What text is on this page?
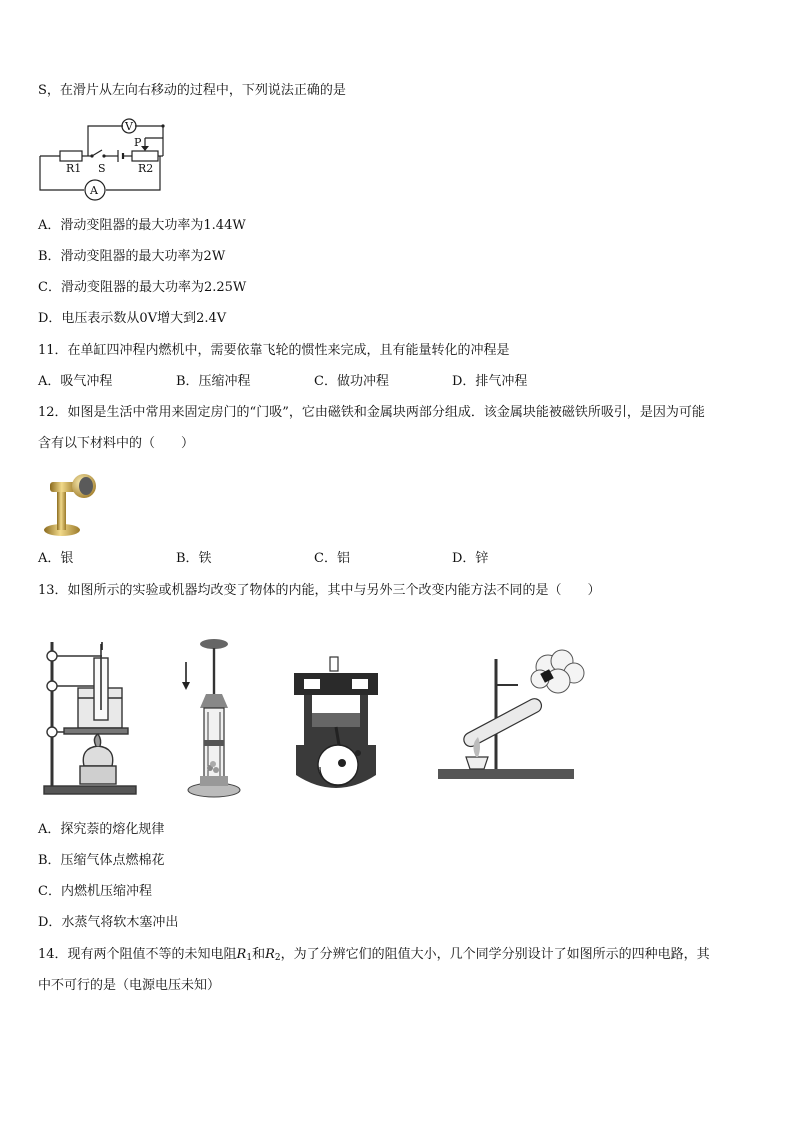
S，在滑片从左向右移动的过程中，下列说法正确的是
V
A
P
R1	R2
S
A．滑动变阻器的最大功率为1.44W
B．滑动变阻器的最大功率为2W
C．滑动变阻器的最大功率为2.25W
D．电压表示数从0V增大到2.4V
11．在单缸四冲程内燃机中，需要依靠飞轮的惯性来完成，且有能量转化的冲程是
A．吸气冲程	B．压缩冲程	C．做功冲程	D．排气冲程
12．如图是生活中常用来固定房门的“门吸”，它由磁铁和金属块两部分组成．该金属块能被磁铁所吸引，是因为可能
含有以下材料中的（　　）
A．银	B．铁	C．铝	D．锌
13．如图所示的实验或机器均改变了物体的内能，其中与另外三个改变内能方法不同的是（　　）
A．探究萘的熔化规律
B．压缩气体点燃棉花
C．内燃机压缩冲程
D．水蒸气将软木塞冲出
14．现有两个阻值不等的未知电阻$R_1$和$R_2$，为了分辨它们的阻值大小，几个同学分别设计了如图所示的四种电路，其
中不可行的是（电源电压未知）
